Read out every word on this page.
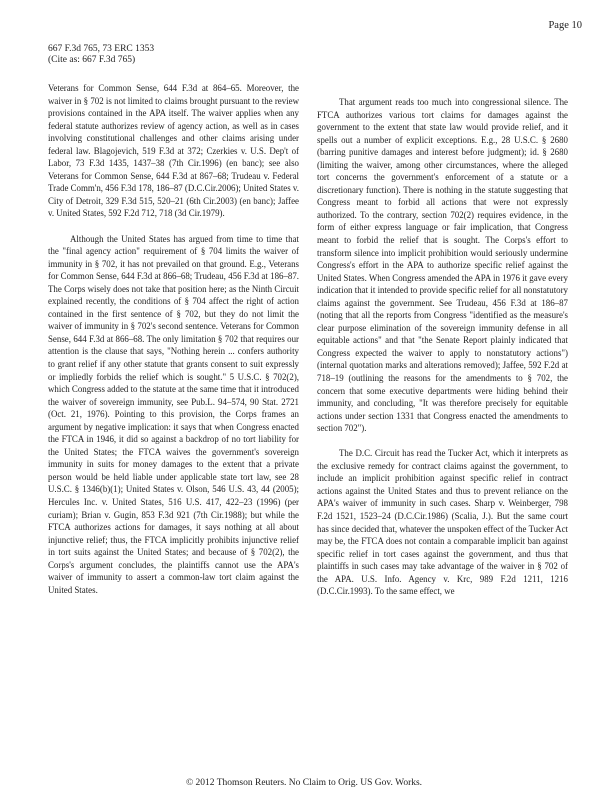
Page 10
667 F.3d 765, 73 ERC 1353
(Cite as: 667 F.3d 765)

Veterans for Common Sense, 644 F.3d at 864–65. Moreover, the waiver in § 702 is not limited to claims brought pursuant to the review provisions contained in the APA itself. The waiver applies when any federal statute authorizes review of agency action, as well as in cases involving constitutional challenges and other claims arising under federal law. Blagojevich, 519 F.3d at 372; Czerkies v. U.S. Dep't of Labor, 73 F.3d 1435, 1437–38 (7th Cir.1996) (en banc); see also Veterans for Common Sense, 644 F.3d at 867–68; Trudeau v. Federal Trade Comm'n, 456 F.3d 178, 186–87 (D.C.Cir.2006); United States v. City of Detroit, 329 F.3d 515, 520–21 (6th Cir.2003) (en banc); Jaffee v. United States, 592 F.2d 712, 718 (3d Cir.1979).

Although the United States has argued from time to time that the "final agency action" requirement of § 704 limits the waiver of immunity in § 702, it has not prevailed on that ground. E.g., Veterans for Common Sense, 644 F.3d at 866–68; Trudeau, 456 F.3d at 186–87. The Corps wisely does not take that position here; as the Ninth Circuit explained recently, the conditions of § 704 affect the right of action contained in the first sentence of § 702, but they do not limit the waiver of immunity in § 702's second sentence. Veterans for Common Sense, 644 F.3d at 866–68. The only limitation § 702 that requires our attention is the clause that says, "Nothing herein ... confers authority to grant relief if any other statute that grants consent to suit expressly or impliedly forbids the relief which is sought." 5 U.S.C. § 702(2), which Congress added to the statute at the same time that it introduced the waiver of sovereign immunity, see Pub.L. 94–574, 90 Stat. 2721 (Oct. 21, 1976). Pointing to this provision, the Corps frames an argument by negative implication: it says that when Congress enacted the FTCA in 1946, it did so against a backdrop of no tort liability for the United States; the FTCA waives the government's sovereign immunity in suits for money damages to the extent that a private person would be held liable under applicable state tort law, see 28 U.S.C. § 1346(b)(1); United States v. Olson, 546 U.S. 43, 44 (2005); Hercules Inc. v. United States, 516 U.S. 417, 422–23 (1996) (per curiam); Brian v. Gugin, 853 F.3d 921 (7th Cir.1988); but while the FTCA authorizes actions for damages, it says nothing at all about injunctive relief; thus, the FTCA implicitly prohibits injunctive relief in tort suits against the United States; and because of § 702(2), the Corps's argument concludes, the plaintiffs cannot use the APA's waiver of immunity to assert a common-law tort claim against the United States.

That argument reads too much into congressional silence. The FTCA authorizes various tort claims for damages against the government to the extent that state law would provide relief, and it spells out a number of explicit exceptions. E.g., 28 U.S.C. § 2680 (barring punitive damages and interest before judgment); id. § 2680 (limiting the waiver, among other circumstances, where the alleged tort concerns the government's enforcement of a statute or a discretionary function). There is nothing in the statute suggesting that Congress meant to forbid all actions that were not expressly authorized. To the contrary, section 702(2) requires evidence, in the form of either express language or fair implication, that Congress meant to forbid the relief that is sought. The Corps's effort to transform silence into implicit prohibition would seriously undermine Congress's effort in the APA to authorize specific relief against the United States. When Congress amended the APA in 1976 it gave every indication that it intended to provide specific relief for all nonstatutory claims against the government. See Trudeau, 456 F.3d at 186–87 (noting that all the reports from Congress "identified as the measure's clear purpose elimination of the sovereign immunity defense in all equitable actions" and that "the Senate Report plainly indicated that Congress expected the waiver to apply to nonstatutory actions") (internal quotation marks and alterations removed); Jaffee, 592 F.2d at 718–19 (outlining the reasons for the amendments to § 702, the concern that some executive departments were hiding behind their immunity, and concluding, "It was therefore precisely for equitable actions under section 1331 that Congress enacted the amendments to section 702").

The D.C. Circuit has read the Tucker Act, which it interprets as the exclusive remedy for contract claims against the government, to include an implicit prohibition against specific relief in contract actions against the United States and thus to prevent reliance on the APA's waiver of immunity in such cases. Sharp v. Weinberger, 798 F.2d 1521, 1523–24 (D.C.Cir.1986) (Scalia, J.). But the same court has since decided that, whatever the unspoken effect of the Tucker Act may be, the FTCA does not contain a comparable implicit ban against specific relief in tort cases against the government, and thus that plaintiffs in such cases may take advantage of the waiver in § 702 of the APA. U.S. Info. Agency v. Krc, 989 F.2d 1211, 1216 (D.C.Cir.1993). To the same effect, we

© 2012 Thomson Reuters. No Claim to Orig. US Gov. Works.
